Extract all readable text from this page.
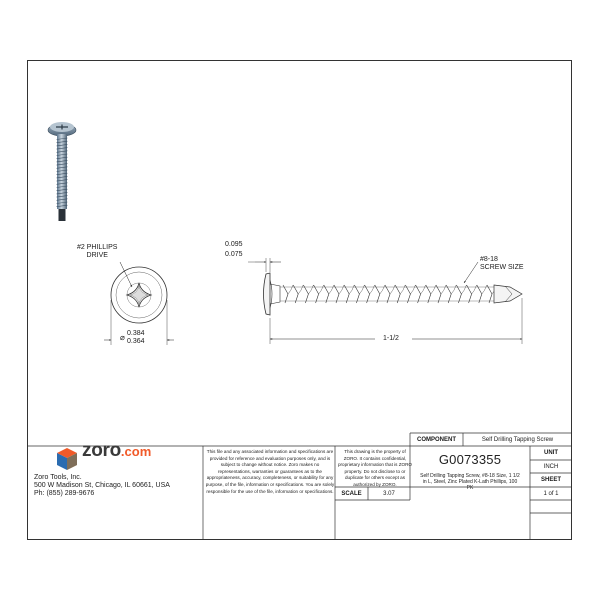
#2 PHILLIPS
DRIVE
⌀ 0.384
0.364
0.095
0.075
#8-18
SCREW SIZE
1-1/2
zoro .com
Zoro Tools, Inc.
500 W Madison St, Chicago, IL 60661, USA
Ph: (855) 289-9676
This file and any associated information and specifications are provided for reference and evaluation purposes only, and is subject to change without notice. Zoro makes no representations, warranties or guarantees as to the appropriateness, accuracy, completeness, or suitability for any purpose, of the file, information or specifications. You are solely responsible for the use of the file, information or specifications.
This drawing is the property of ZORO. It contains confidential, proprietary information that is ZORO property. Do not disclose to or duplicate for others except as authorized by ZORO.
COMPONENT	Self Drilling Tapping Screw
G0073355
Self Drilling Tapping Screw, #8-18 Size, 1 1/2 in L, Steel, Zinc Plated K-Lath Phillips, 100 PK
UNIT
INCH
SHEET
1 of 1
SCALE	3.07
